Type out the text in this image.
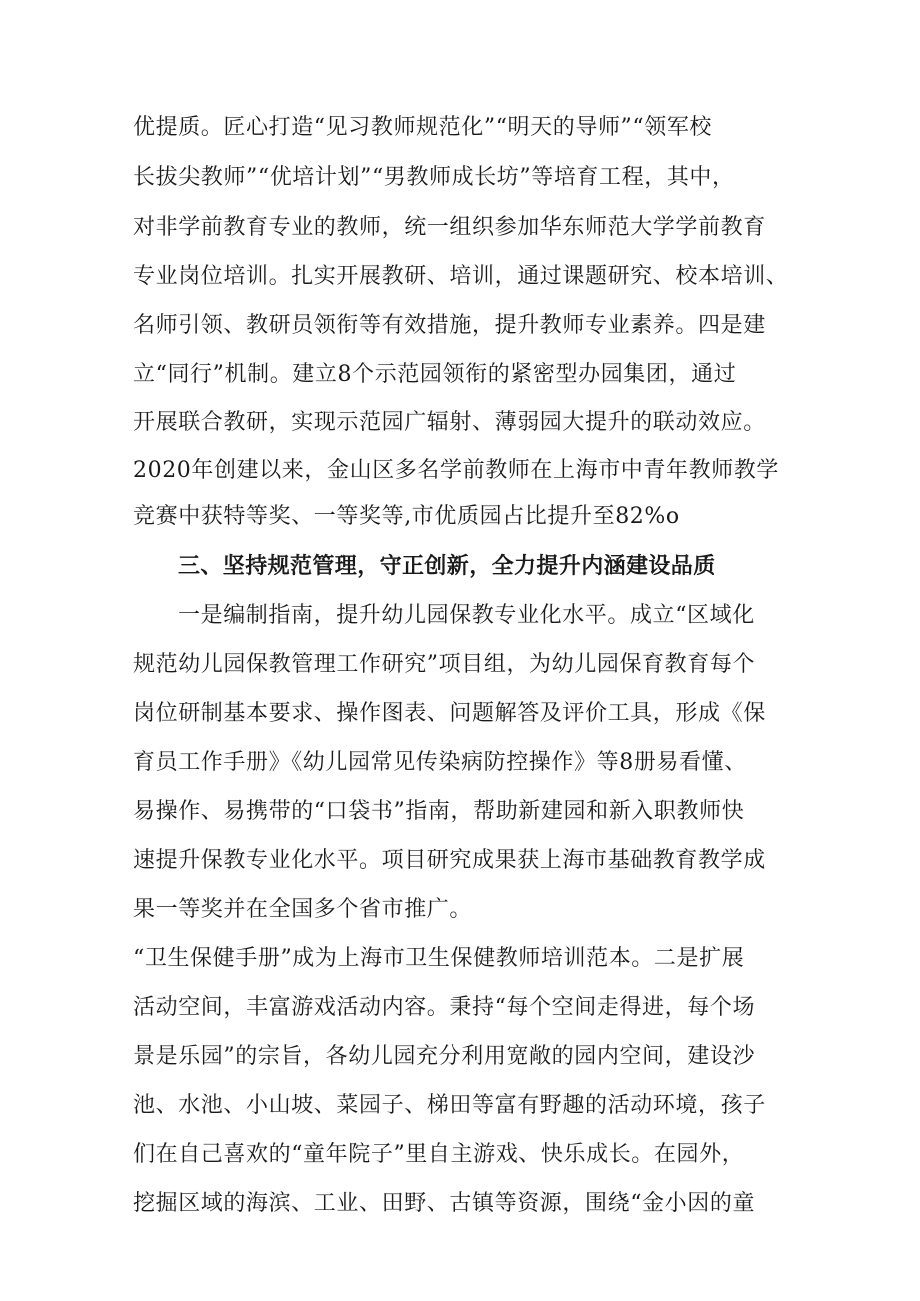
优提质。匠心打造“见习教师规范化”“明天的导师”“领军校
长拔尖教师”“优培计划”“男教师成长坊”等培育工程，其中，
对非学前教育专业的教师，统一组织参加华东师范大学学前教育
专业岗位培训。扎实开展教研、培训，通过课题研究、校本培训、
名师引领、教研员领衔等有效措施，提升教师专业素养。四是建
立“同行”机制。建立8个示范园领衔的紧密型办园集团，通过
开展联合教研，实现示范园广辐射、薄弱园大提升的联动效应。
2020年创建以来，金山区多名学前教师在上海市中青年教师教学
竞赛中获特等奖、一等奖等,市优质园占比提升至82%o
三、坚持规范管理，守正创新，全力提升内涵建设品质
一是编制指南，提升幼儿园保教专业化水平。成立“区域化
规范幼儿园保教管理工作研究”项目组，为幼儿园保育教育每个
岗位研制基本要求、操作图表、问题解答及评价工具，形成《保
育员工作手册》《幼儿园常见传染病防控操作》等8册易看懂、
易操作、易携带的“口袋书”指南，帮助新建园和新入职教师快
速提升保教专业化水平。项目研究成果获上海市基础教育教学成
果一等奖并在全国多个省市推广。
“卫生保健手册”成为上海市卫生保健教师培训范本。二是扩展
活动空间，丰富游戏活动内容。秉持“每个空间走得进，每个场
景是乐园”的宗旨，各幼儿园充分利用宽敞的园内空间，建设沙
池、水池、小山坡、菜园子、梯田等富有野趣的活动环境，孩子
们在自己喜欢的“童年院子”里自主游戏、快乐成长。在园外，
挖掘区域的海滨、工业、田野、古镇等资源，围绕“金小因的童
